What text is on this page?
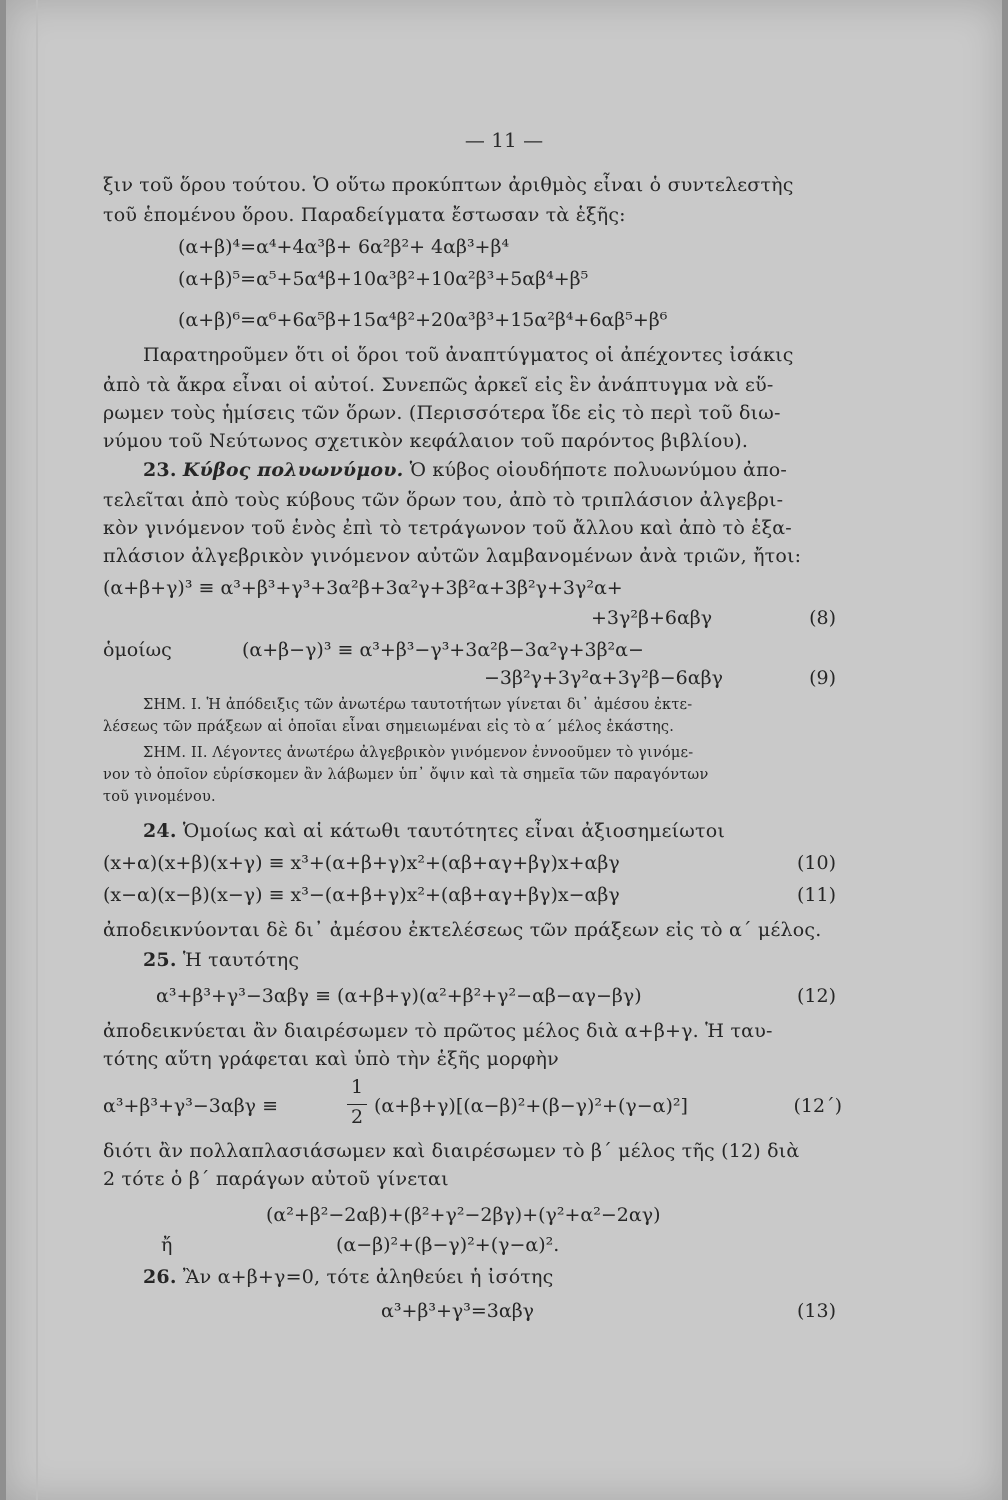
— 11 —
ξιν τοῦ ὅρου τούτου. Ὁ οὕτω προκύπτων ἀριθμὸς εἶναι ὁ συντελεστὴς
τοῦ ἑπομένου ὅρου. Παραδείγματα ἔστωσαν τὰ ἑξῆς:
(α+β)⁴=α⁴+4α³β+ 6α²β²+ 4αβ³+β⁴
(α+β)⁵=α⁵+5α⁴β+10α³β²+10α²β³+5αβ⁴+β⁵
(α+β)⁶=α⁶+6α⁵β+15α⁴β²+20α³β³+15α²β⁴+6αβ⁵+β⁶
Παρατηροῦμεν ὅτι οἱ ὅροι τοῦ ἀναπτύγματος οἱ ἀπέχοντες ἰσάκις
ἀπὸ τὰ ἄκρα εἶναι οἱ αὐτοί. Συνεπῶς ἀρκεῖ εἰς ἓν ἀνάπτυγμα νὰ εὕ-
ρωμεν τοὺς ἡμίσεις τῶν ὅρων. (Περισσότερα ἴδε εἰς τὸ περὶ τοῦ διω-
νύμου τοῦ Νεύτωνος σχετικὸν κεφάλαιον τοῦ παρόντος βιβλίου).
23. Κύβος πολυωνύμου. Ὁ κύβος οἱουδήποτε πολυωνύμου ἀπο-
τελεῖται ἀπὸ τοὺς κύβους τῶν ὅρων του, ἀπὸ τὸ τριπλάσιον ἀλγεβρι-
κὸν γινόμενον τοῦ ἑνὸς ἐπὶ τὸ τετράγωνον τοῦ ἄλλου καὶ ἀπὸ τὸ ἑξα-
πλάσιον ἀλγεβρικὸν γινόμενον αὐτῶν λαμβανομένων ἀνὰ τριῶν, ἤτοι:
(α+β+γ)³ ≡ α³+β³+γ³+3α²β+3α²γ+3β²α+3β²γ+3γ²α+
+3γ²β+6αβγ	(8)
ὁμοίως	(α+β−γ)³ ≡ α³+β³−γ³+3α²β−3α²γ+3β²α−
−3β²γ+3γ²α+3γ²β−6αβγ	(9)
ΣΗΜ. I. Ἡ ἀπόδειξις τῶν ἀνωτέρω ταυτοτήτων γίνεται δι᾽ ἀμέσου ἐκτε-
λέσεως τῶν πράξεων αἱ ὁποῖαι εἶναι σημειωμέναι εἰς τὸ α΄ μέλος ἑκάστης.
ΣΗΜ. II. Λέγοντες ἀνωτέρω ἀλγεβρικὸν γινόμενον ἐννοοῦμεν τὸ γινόμε-
νον τὸ ὁποῖον εὑρίσκομεν ἂν λάβωμεν ὑπ᾽ ὄψιν καὶ τὰ σημεῖα τῶν παραγόντων
τοῦ γινομένου.
24. Ὁμοίως καὶ αἱ κάτωθι ταυτότητες εἶναι ἀξιοσημείωτοι
(x+α)(x+β)(x+γ) ≡ x³+(α+β+γ)x²+(αβ+αγ+βγ)x+αβγ	(10)
(x−α)(x−β)(x−γ) ≡ x³−(α+β+γ)x²+(αβ+αγ+βγ)x−αβγ	(11)
ἀποδεικνύονται δὲ δι᾽ ἀμέσου ἐκτελέσεως τῶν πράξεων εἰς τὸ α΄ μέλος.
25. Ἡ ταυτότης
α³+β³+γ³−3αβγ ≡ (α+β+γ)(α²+β²+γ²−αβ−αγ−βγ)	(12)
ἀποδεικνύεται ἂν διαιρέσωμεν τὸ πρῶτος μέλος διὰ α+β+γ. Ἡ ταυ-
τότης αὕτη γράφεται καὶ ὑπὸ τὴν ἑξῆς μορφὴν
α³+β³+γ³−3αβγ ≡
1
2 (α+β+γ)[(α−β)²+(β−γ)²+(γ−α)²]	(12΄)
διότι ἂν πολλαπλασιάσωμεν καὶ διαιρέσωμεν τὸ β΄ μέλος τῆς (12) διὰ
2 τότε ὁ β΄ παράγων αὐτοῦ γίνεται
(α²+β²−2αβ)+(β²+γ²−2βγ)+(γ²+α²−2αγ)
ἤ	(α−β)²+(β−γ)²+(γ−α)².
26. Ἂν α+β+γ=0, τότε ἀληθεύει ἡ ἰσότης
α³+β³+γ³=3αβγ	(13)
